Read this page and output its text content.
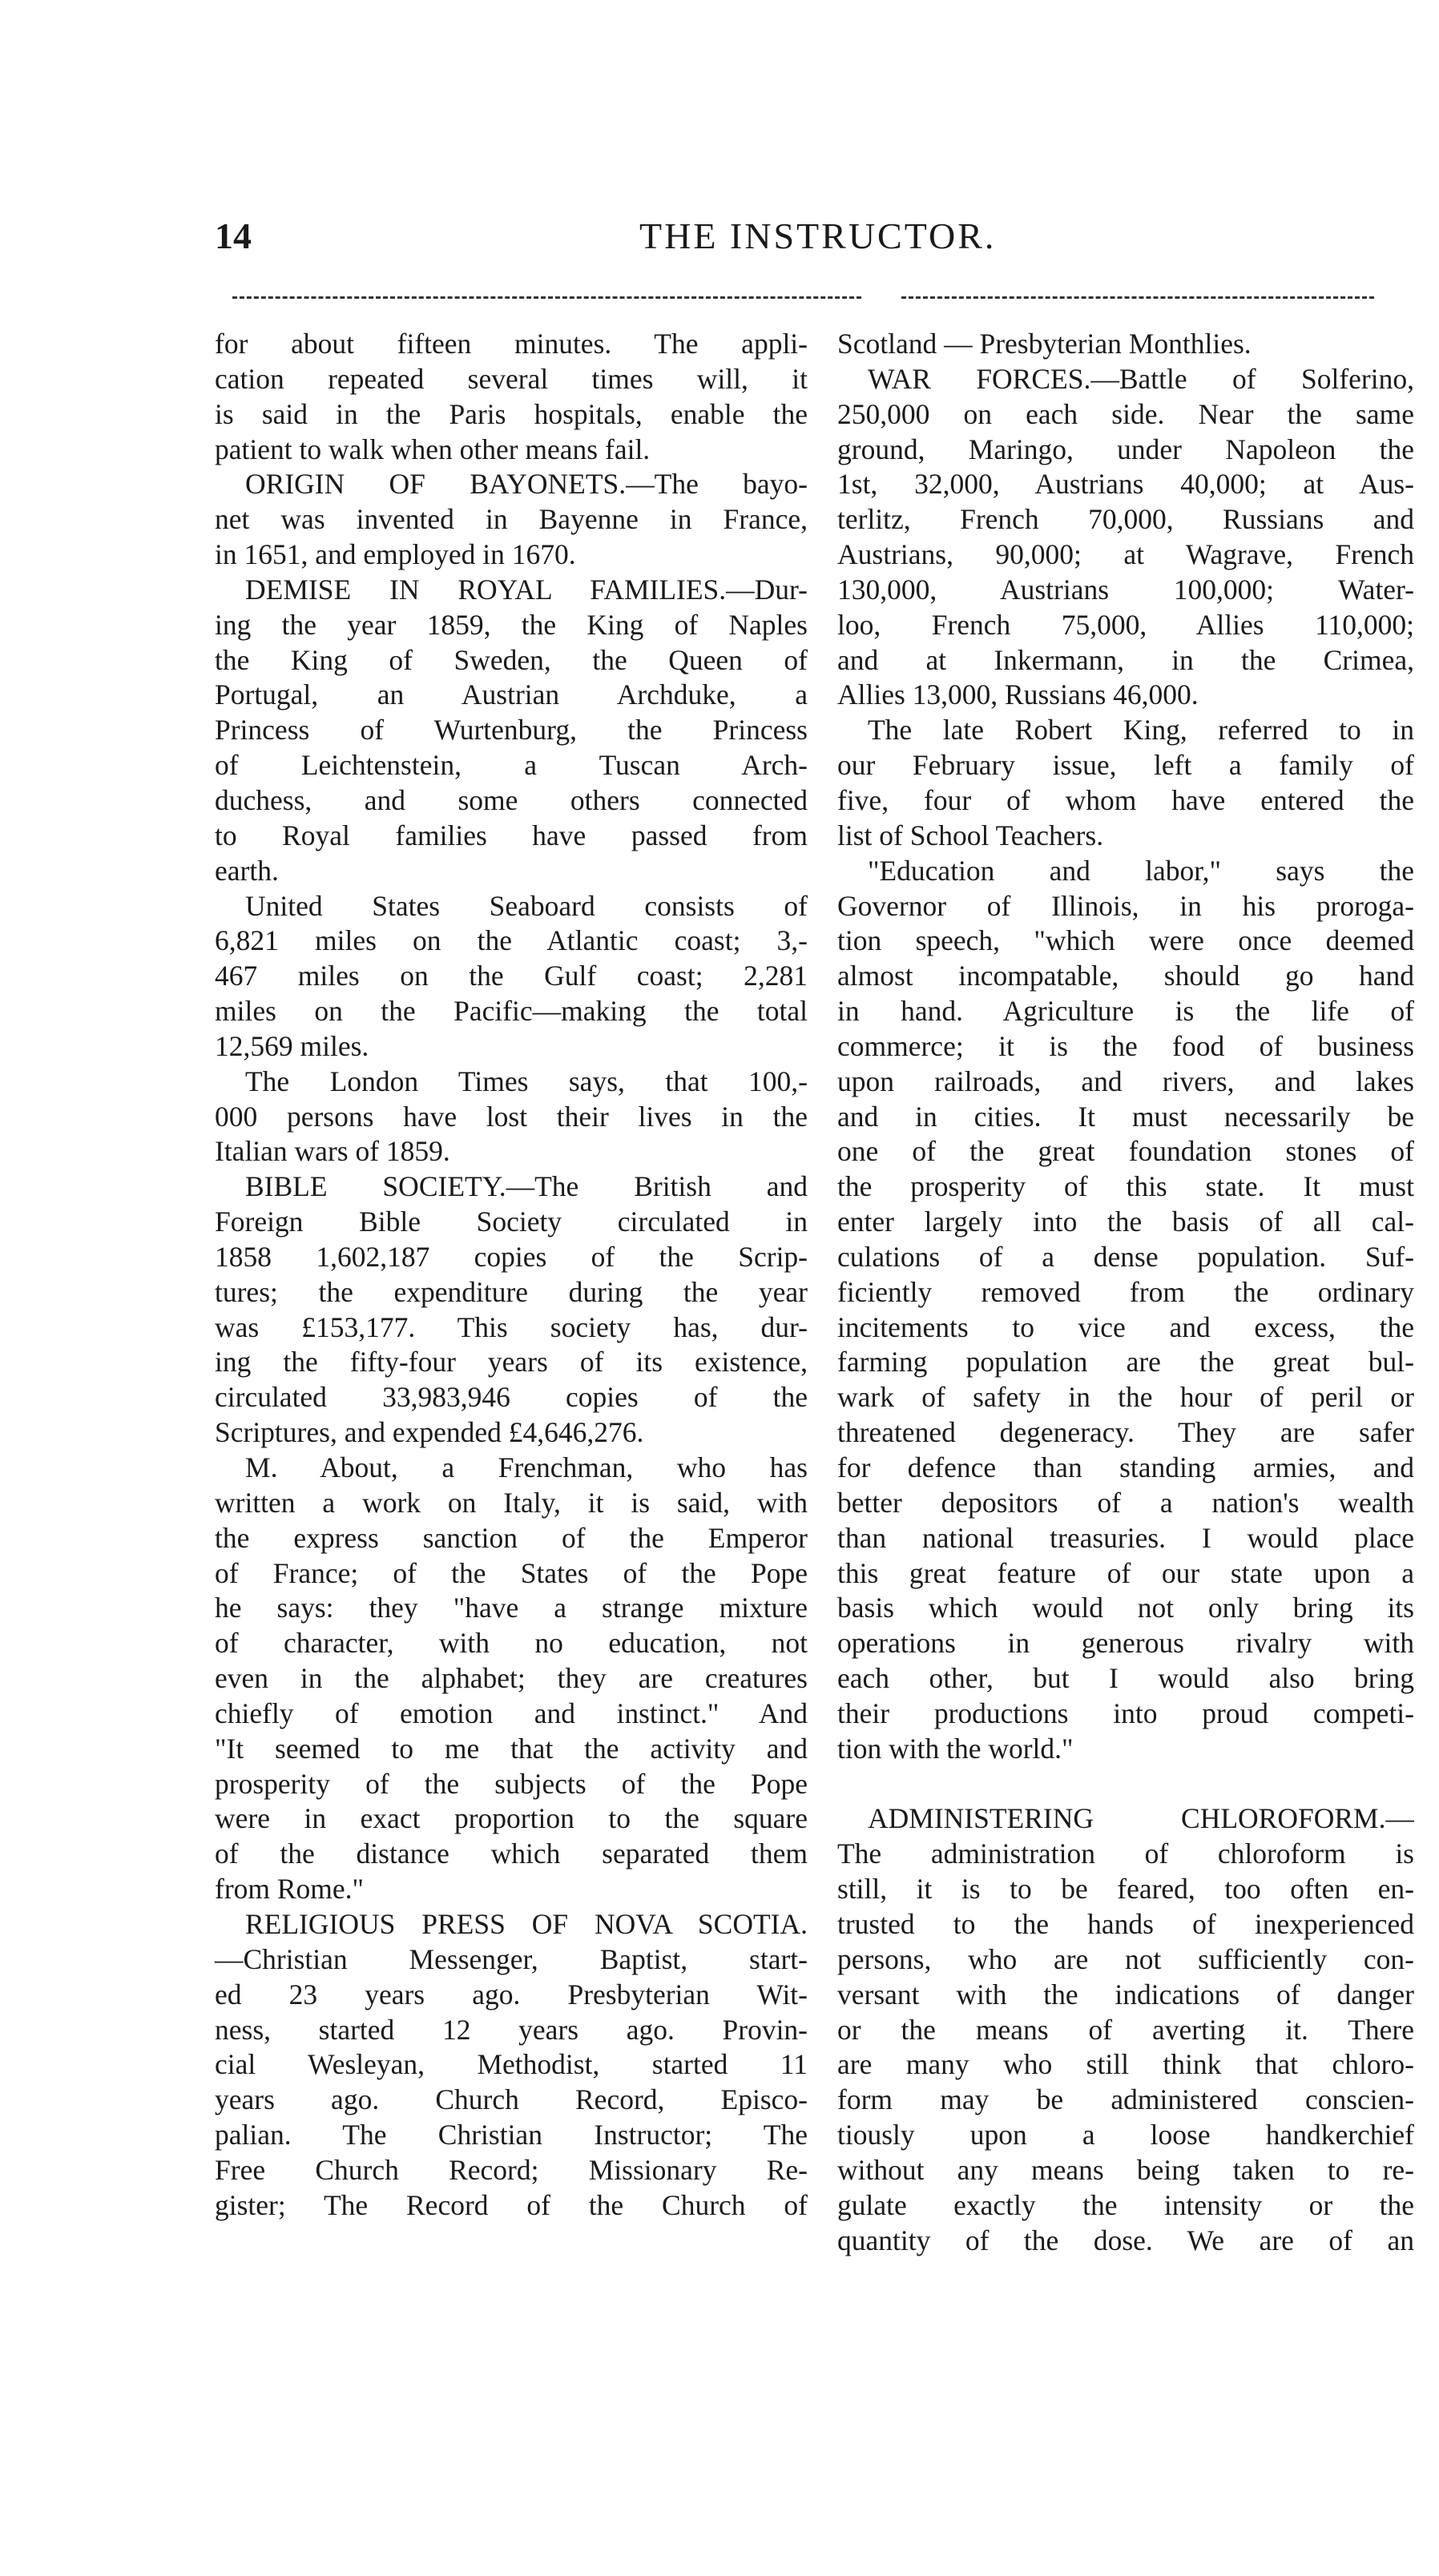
14	THE INSTRUCTOR.
for about fifteen minutes. The appli-
cation repeated several times will, it
is said in the Paris hospitals, enable the
patient to walk when other means fail.
ORIGIN OF BAYONETS.—The bayo-
net was invented in Bayenne in France,
in 1651, and employed in 1670.
DEMISE IN ROYAL FAMILIES.—Dur-
ing the year 1859, the King of Naples
the King of Sweden, the Queen of
Portugal, an Austrian Archduke, a
Princess of Wurtenburg, the Princess
of Leichtenstein, a Tuscan Arch-
duchess, and some others connected
to Royal families have passed from
earth.
United States Seaboard consists of
6,821 miles on the Atlantic coast; 3,-
467 miles on the Gulf coast; 2,281
miles on the Pacific—making the total
12,569 miles.
The London Times says, that 100,-
000 persons have lost their lives in the
Italian wars of 1859.
BIBLE SOCIETY.—The British and
Foreign Bible Society circulated in
1858 1,602,187 copies of the Scrip-
tures; the expenditure during the year
was £153,177. This society has, dur-
ing the fifty-four years of its existence,
circulated 33,983,946 copies of the
Scriptures, and expended £4,646,276.
M. About, a Frenchman, who has
written a work on Italy, it is said, with
the express sanction of the Emperor
of France; of the States of the Pope
he says: they "have a strange mixture
of character, with no education, not
even in the alphabet; they are creatures
chiefly of emotion and instinct." And
"It seemed to me that the activity and
prosperity of the subjects of the Pope
were in exact proportion to the square
of the distance which separated them
from Rome."
RELIGIOUS PRESS OF NOVA SCOTIA.
—Christian Messenger, Baptist, start-
ed 23 years ago. Presbyterian Wit-
ness, started 12 years ago. Provin-
cial Wesleyan, Methodist, started 11
years ago. Church Record, Episco-
palian. The Christian Instructor; The
Free Church Record; Missionary Re-
gister; The Record of the Church of
Scotland — Presbyterian Monthlies.
WAR FORCES.—Battle of Solferino,
250,000 on each side. Near the same
ground, Maringo, under Napoleon the
1st, 32,000, Austrians 40,000; at Aus-
terlitz, French 70,000, Russians and
Austrians, 90,000; at Wagrave, French
130,000, Austrians 100,000; Water-
loo, French 75,000, Allies 110,000;
and at Inkermann, in the Crimea,
Allies 13,000, Russians 46,000.
The late Robert King, referred to in
our February issue, left a family of
five, four of whom have entered the
list of School Teachers.
"Education and labor," says the
Governor of Illinois, in his proroga-
tion speech, "which were once deemed
almost incompatable, should go hand
in hand. Agriculture is the life of
commerce; it is the food of business
upon railroads, and rivers, and lakes
and in cities. It must necessarily be
one of the great foundation stones of
the prosperity of this state. It must
enter largely into the basis of all cal-
culations of a dense population. Suf-
ficiently removed from the ordinary
incitements to vice and excess, the
farming population are the great bul-
wark of safety in the hour of peril or
threatened degeneracy. They are safer
for defence than standing armies, and
better depositors of a nation's wealth
than national treasuries. I would place
this great feature of our state upon a
basis which would not only bring its
operations in generous rivalry with
each other, but I would also bring
their productions into proud competi-
tion with the world."
ADMINISTERING CHLOROFORM.—
The administration of chloroform is
still, it is to be feared, too often en-
trusted to the hands of inexperienced
persons, who are not sufficiently con-
versant with the indications of danger
or the means of averting it. There
are many who still think that chloro-
form may be administered conscien-
tiously upon a loose handkerchief
without any means being taken to re-
gulate exactly the intensity or the
quantity of the dose. We are of an
